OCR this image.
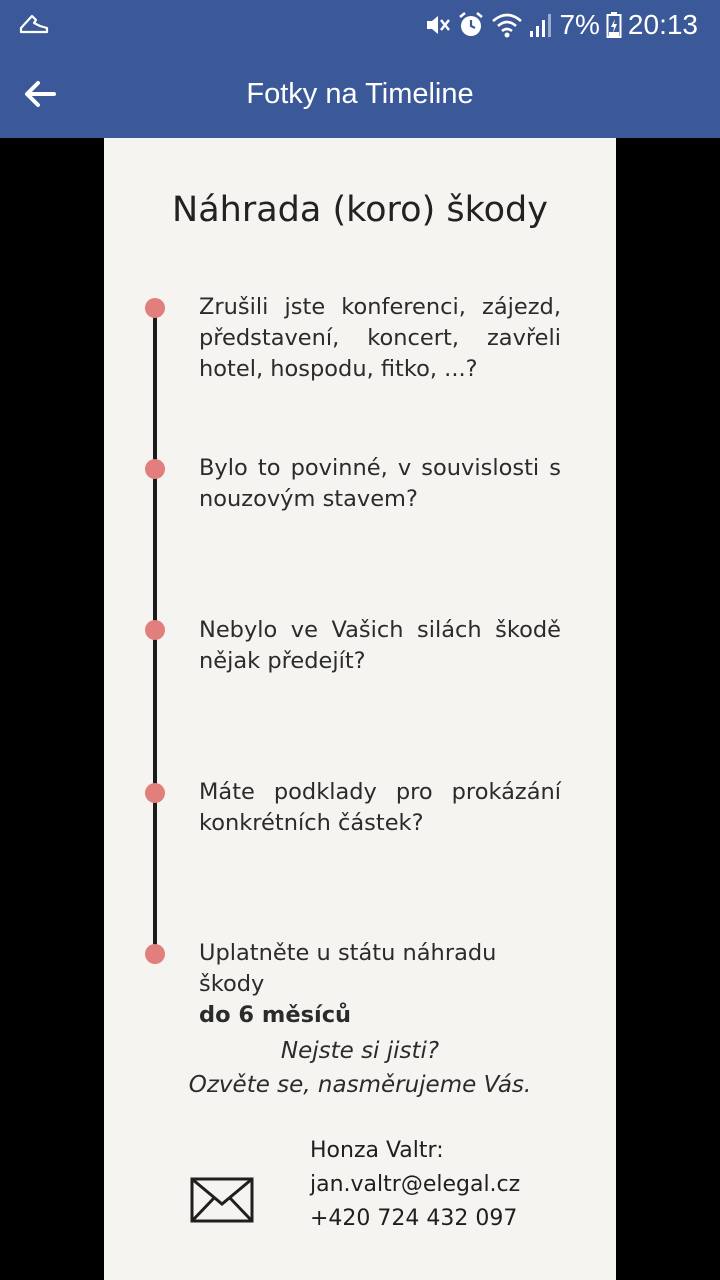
7% 20:13
Fotky na Timeline
Náhrada (koro) škody
Zrušili jste konferenci, zájezd, představení, koncert, zavřeli hotel, hospodu, fitko, ...?
Bylo to povinné, v souvislosti s nouzovým stavem?
Nebylo ve Vašich silách škodě nějak předejít?
Máte podklady pro prokázání konkrétních částek?
Uplatněte u státu náhradu škody
do 6 měsíců
Nejste si jisti?
Ozvěte se, nasměrujeme Vás.
Honza Valtr:
jan.valtr@elegal.cz
+420 724 432 097
